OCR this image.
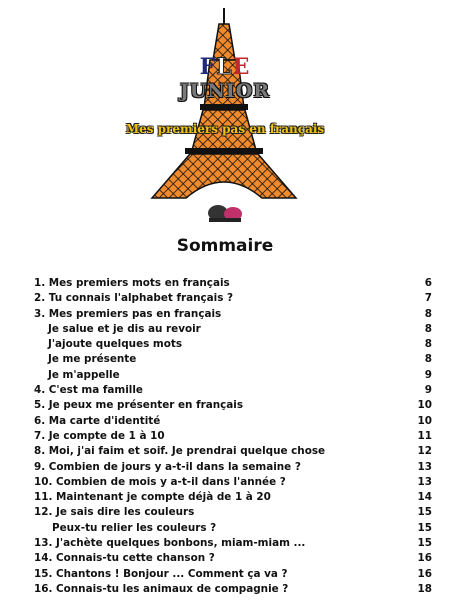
FLE
JUNIOR
Mes premiers pas en français
Sommaire
1. Mes premiers mots en français	6
2. Tu connais l'alphabet français ?	7
3. Mes premiers pas en français	8
Je salue et je dis au revoir	8
J'ajoute quelques mots	8
Je me présente	8
Je m'appelle	9
4. C'est ma famille	9
5. Je peux me présenter en français	10
6. Ma carte d'identité	10
7. Je compte de 1 à 10	11
8. Moi, j'ai faim et soif. Je prendrai quelque chose	12
9. Combien de jours y a-t-il dans la semaine ?	13
10. Combien de mois y a-t-il dans l'année ?	13
11. Maintenant je compte déjà de 1 à 20	14
12. Je sais dire les couleurs	15
Peux-tu relier les couleurs ?	15
13. J'achète quelques bonbons, miam-miam ...	15
14. Connais-tu cette chanson ?	16
15. Chantons ! Bonjour ... Comment ça va ?	16
16. Connais-tu les animaux de compagnie ?	18
